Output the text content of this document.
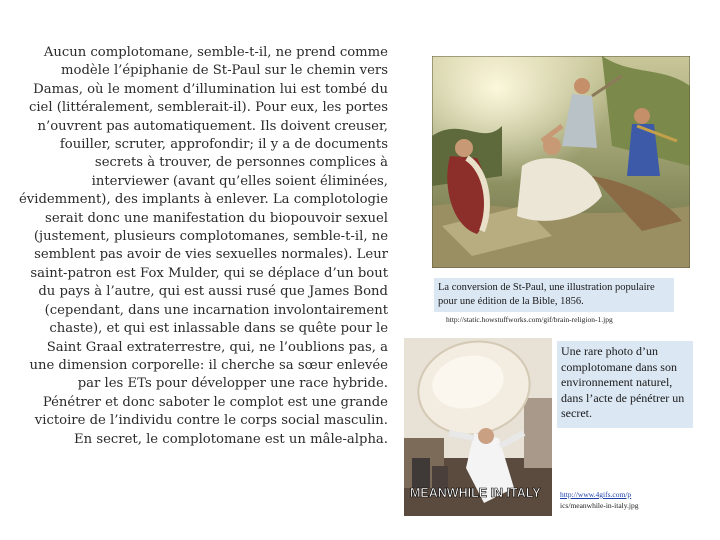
Aucun complotomane, semble-t-il, ne prend comme modèle l’épiphanie de St-Paul sur le chemin vers Damas, où le moment d’illumination lui est tombé du ciel (littéralement, semblerait-il). Pour eux, les portes n’ouvrent pas automatiquement. Ils doivent creuser, fouiller, scruter, approfondir; il y a de documents secrets à trouver, de personnes complices à interviewer (avant qu’elles soient éliminées, évidemment), des implants à enlever. La complotologie serait donc une manifestation du biopouvoir sexuel (justement, plusieurs complotomanes, semble-t-il, ne semblent pas avoir de vies sexuelles normales). Leur saint-patron est Fox Mulder, qui se déplace d’un bout du pays à l’autre, qui est aussi rusé que James Bond (cependant, dans une incarnation involontairement chaste), et qui est inlassable dans se quête pour le Saint Graal extraterrestre, qui, ne l’oublions pas, a une dimension corporelle: il cherche sa sœur enlevée par les ETs pour développer une race hybride. Pénétrer et donc saboter le complot est une grande victoire de l’individu contre le corps social masculin. En secret, le complotomane est un mâle-alpha.

La conversion de St-Paul, une illustration populaire pour une édition de la Bible, 1856.
http://static.howstuffworks.com/gif/brain-religion-1.jpg
MEANWHILE IN ITALY
Une rare photo d’un complotomane dans son environnement naturel, dans l’acte de pénétrer un secret.
http://www.4gifs.com/p
ics/meanwhile-in-italy.jpg
